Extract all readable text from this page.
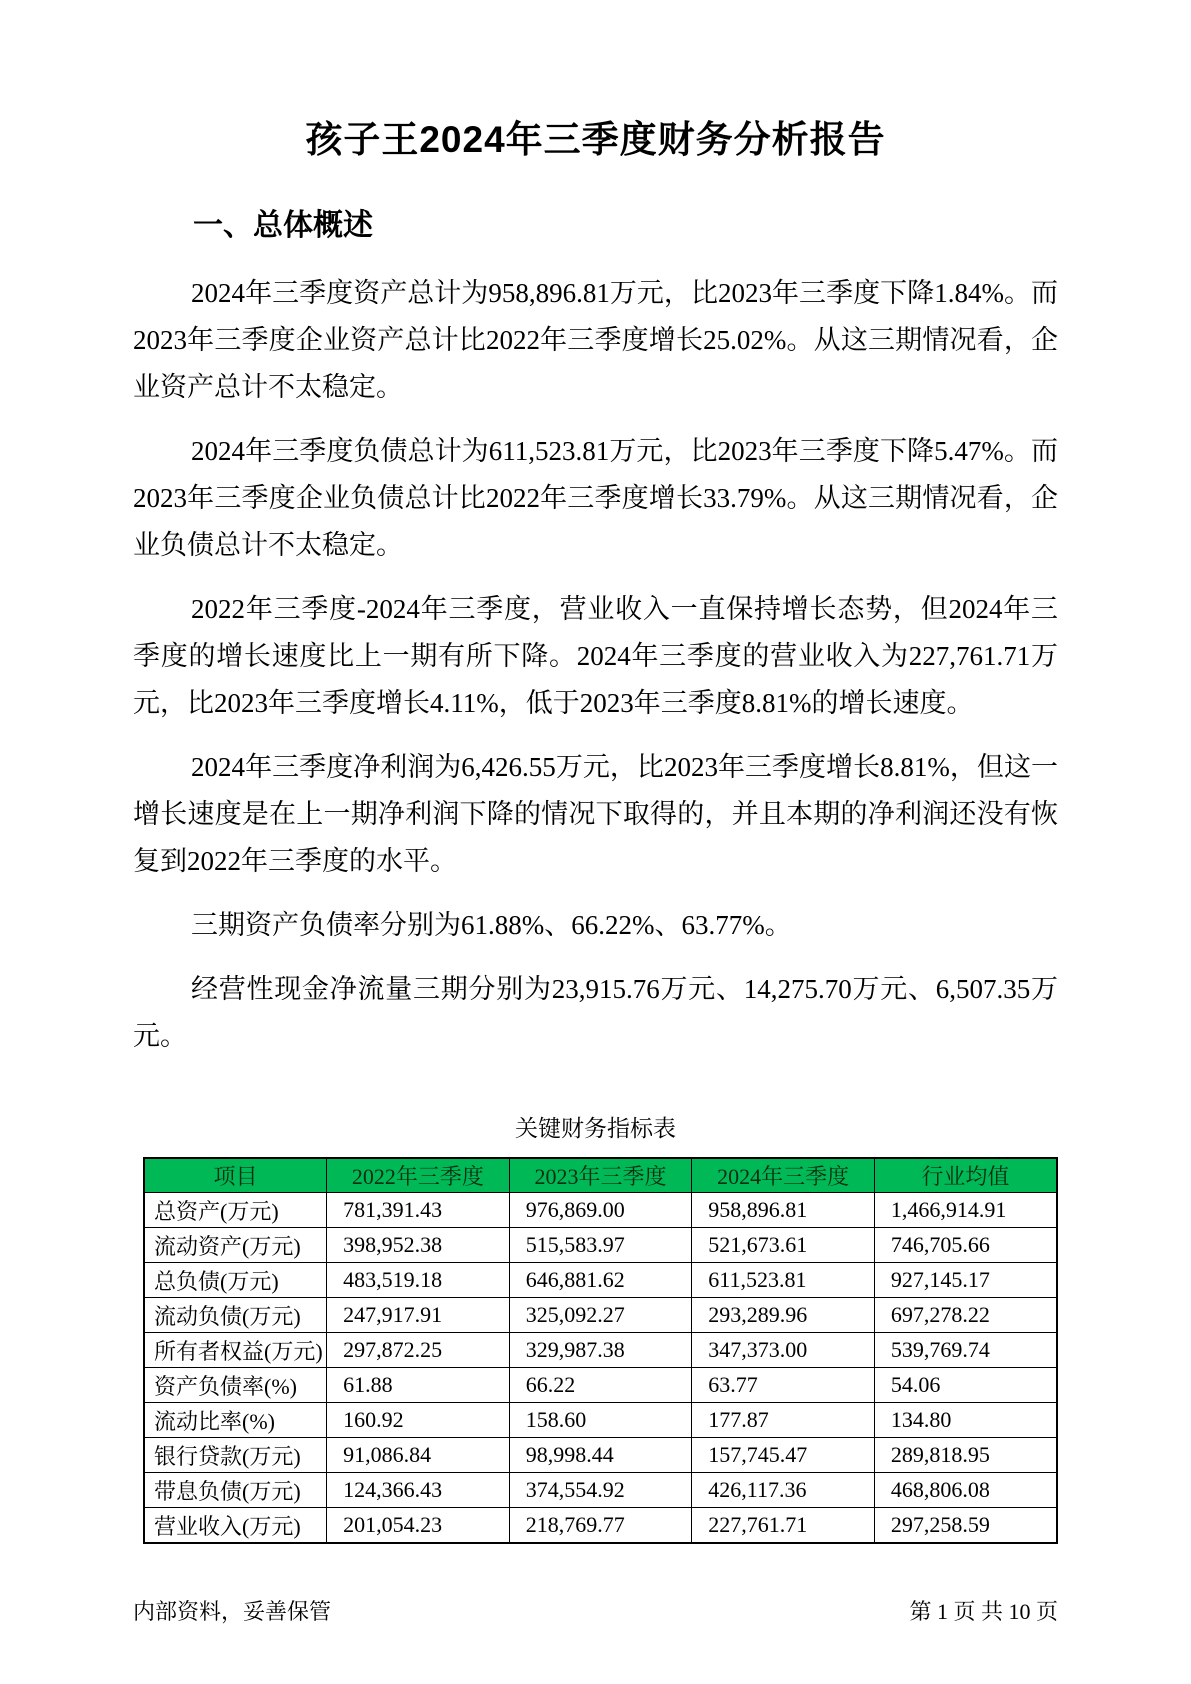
孩子王2024年三季度财务分析报告
一、总体概述

2024年三季度资产总计为958,896.81万元，比2023年三季度下降1.84%。而2023年三季度企业资产总计比2022年三季度增长25.02%。从这三期情况看，企业资产总计不太稳定。

2024年三季度负债总计为611,523.81万元，比2023年三季度下降5.47%。而2023年三季度企业负债总计比2022年三季度增长33.79%。从这三期情况看，企业负债总计不太稳定。

2022年三季度-2024年三季度，营业收入一直保持增长态势，但2024年三季度的增长速度比上一期有所下降。2024年三季度的营业收入为227,761.71万元，比2023年三季度增长4.11%，低于2023年三季度8.81%的增长速度。

2024年三季度净利润为6,426.55万元，比2023年三季度增长8.81%，但这一增长速度是在上一期净利润下降的情况下取得的，并且本期的净利润还没有恢复到2022年三季度的水平。

三期资产负债率分别为61.88%、66.22%、63.77%。

经营性现金净流量三期分别为23,915.76万元、14,275.70万元、6,507.35万元。

关键财务指标表
项目	2022年三季度	2023年三季度	2024年三季度	行业均值
总资产(万元)	781,391.43	976,869.00	958,896.81	1,466,914.91
流动资产(万元)	398,952.38	515,583.97	521,673.61	746,705.66
总负债(万元)	483,519.18	646,881.62	611,523.81	927,145.17
流动负债(万元)	247,917.91	325,092.27	293,289.96	697,278.22
所有者权益(万元)	297,872.25	329,987.38	347,373.00	539,769.74
资产负债率(%)	61.88	66.22	63.77	54.06
流动比率(%)	160.92	158.60	177.87	134.80
银行贷款(万元)	91,086.84	98,998.44	157,745.47	289,818.95
带息负债(万元)	124,366.43	374,554.92	426,117.36	468,806.08
营业收入(万元)	201,054.23	218,769.77	227,761.71	297,258.59
内部资料，妥善保管	第 1 页 共 10 页
